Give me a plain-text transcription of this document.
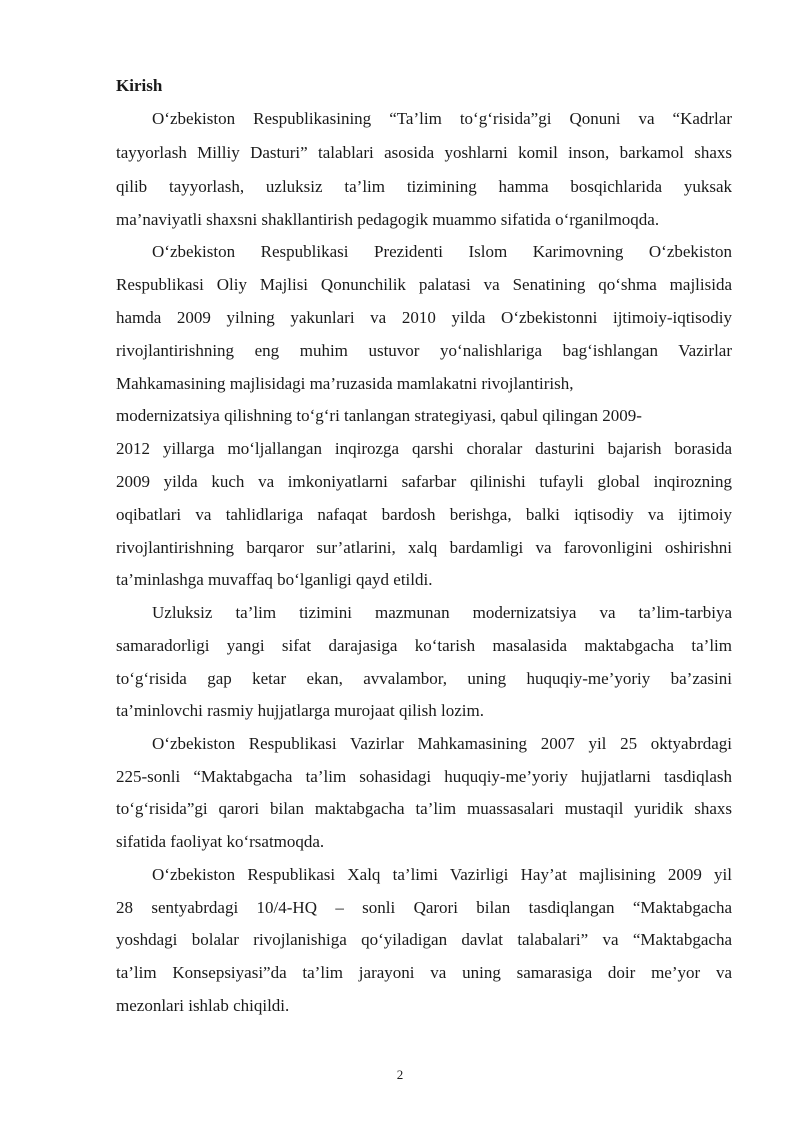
Kirish

O‘zbekiston Respublikasining “Ta’lim to‘g‘risida”gi Qonuni va “Kadrlar

tayyorlash Milliy Dasturi” talablari asosida yoshlarni komil inson, barkamol shaxs

qilib tayyorlash, uzluksiz ta’lim tizimining hamma bosqichlarida yuksak

ma’naviyatli shaxsni shakllantirish pedagogik muammo sifatida o‘rganilmoqda.

O‘zbekiston Respublikasi Prezidenti Islom Karimovning O‘zbekiston

Respublikasi Oliy Majlisi Qonunchilik palatasi va Senatining qo‘shma majlisida

hamda 2009 yilning yakunlari va 2010 yilda O‘zbekistonni ijtimoiy-iqtisodiy

rivojlantirishning eng muhim ustuvor yo‘nalishlariga bag‘ishlangan Vazirlar

Mahkamasining majlisidagi ma’ruzasida mamlakatni rivojlantirish,

modernizatsiya qilishning to‘g‘ri tanlangan strategiyasi, qabul qilingan 2009-

2012 yillarga mo‘ljallangan inqirozga qarshi choralar dasturini bajarish borasida

2009 yilda kuch va imkoniyatlarni safarbar qilinishi tufayli global inqirozning

oqibatlari va tahlidlariga nafaqat bardosh berishga, balki iqtisodiy va ijtimoiy

rivojlantirishning barqaror sur’atlarini, xalq bardamligi va farovonligini oshirishni

ta’minlashga muvaffaq bo‘lganligi qayd etildi.

Uzluksiz ta’lim tizimini mazmunan modernizatsiya va ta’lim-tarbiya

samaradorligi yangi sifat darajasiga ko‘tarish masalasida maktabgacha ta’lim

to‘g‘risida gap ketar ekan, avvalambor, uning huquqiy-me’yoriy ba’zasini

ta’minlovchi rasmiy hujjatlarga murojaat qilish lozim.

O‘zbekiston Respublikasi Vazirlar Mahkamasining 2007 yil 25 oktyabrdagi

225-sonli “Maktabgacha ta’lim sohasidagi huquqiy-me’yoriy hujjatlarni tasdiqlash

to‘g‘risida”gi qarori bilan maktabgacha ta’lim muassasalari mustaqil yuridik shaxs

sifatida faoliyat ko‘rsatmoqda.

O‘zbekiston Respublikasi Xalq ta’limi Vazirligi Hay’at majlisining 2009 yil

28 sentyabrdagi 10/4-HQ – sonli Qarori bilan tasdiqlangan “Maktabgacha

yoshdagi bolalar rivojlanishiga qo‘yiladigan davlat talabalari” va “Maktabgacha

ta’lim Konsepsiyasi”da ta’lim jarayoni va uning samarasiga doir me’yor va

mezonlari ishlab chiqildi.

2
